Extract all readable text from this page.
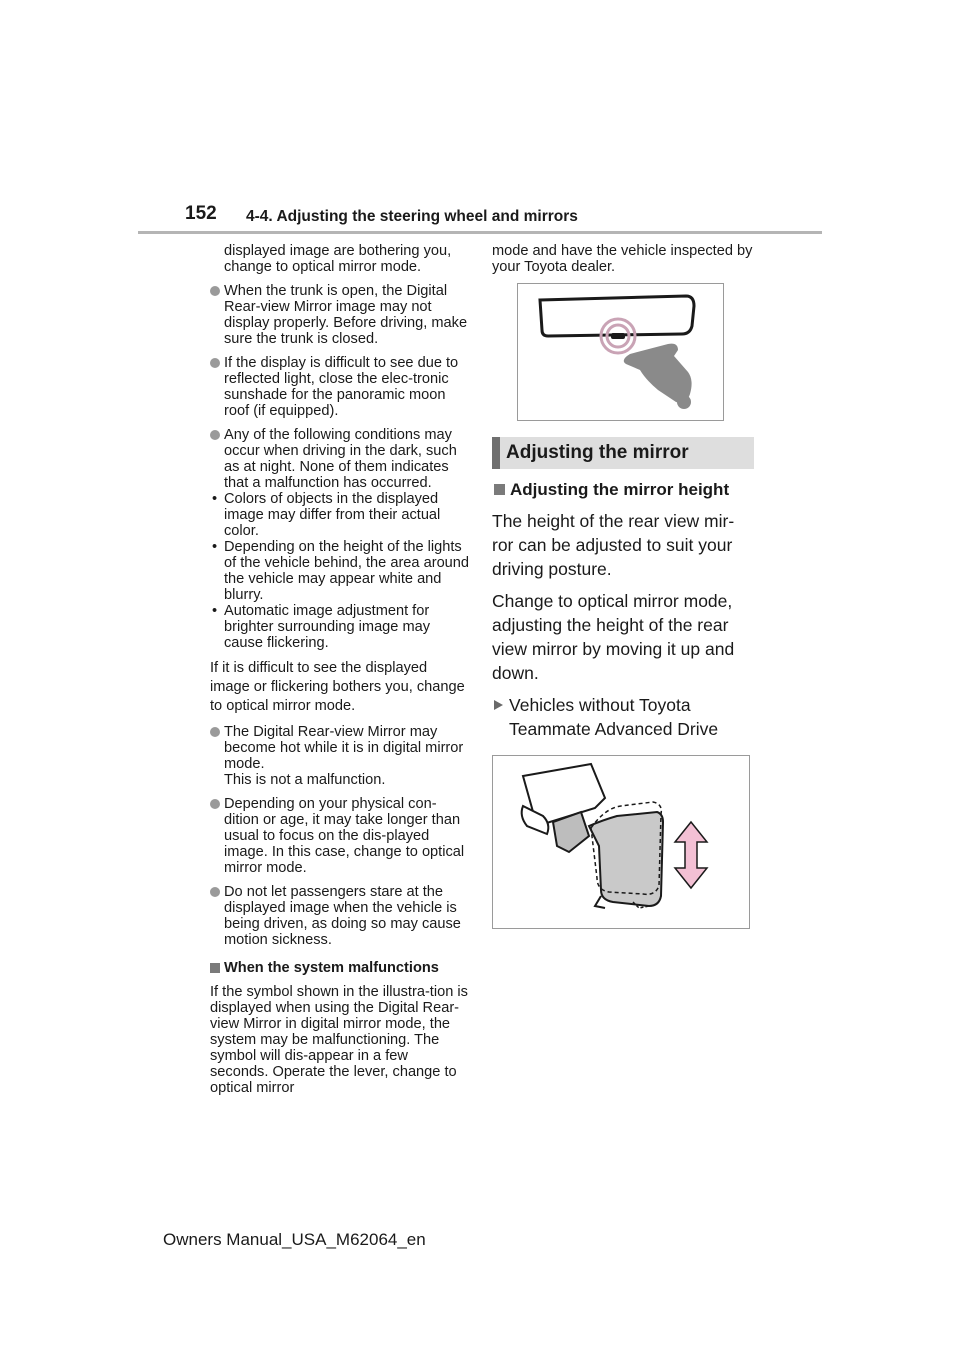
152 4-4. Adjusting the steering wheel and mirrors

displayed image are bothering you, change to optical mirror mode.

When the trunk is open, the Digital Rear-view Mirror image may not display properly. Before driving, make sure the trunk is closed.
If the display is difficult to see due to reflected light, close the elec-tronic sunshade for the panoramic moon roof (if equipped).
Any of the following conditions may occur when driving in the dark, such as at night. None of them indicates that a malfunction has occurred.
• Colors of objects in the displayed image may differ from their actual color.
• Depending on the height of the lights of the vehicle behind, the area around the vehicle may appear white and blurry.
• Automatic image adjustment for brighter surrounding image may cause flickering.

If it is difficult to see the displayed image or flickering bothers you, change to optical mirror mode.

The Digital Rear-view Mirror may become hot while it is in digital mirror mode.
This is not a malfunction.
Depending on your physical con-dition or age, it may take longer than usual to focus on the dis-played image. In this case, change to optical mirror mode.
Do not let passengers stare at the displayed image when the vehicle is being driven, as doing so may cause motion sickness.
When the system malfunctions

If the symbol shown in the illustra-tion is displayed when using the Digital Rear-view Mirror in digital mirror mode, the system may be malfunctioning. The symbol will dis-appear in a few seconds. Operate the lever, change to optical mirror

mode and have the vehicle inspected by your Toyota dealer.

Adjusting the mirror
Adjusting the mirror height

The height of the rear view mir-ror can be adjusted to suit your driving posture.

Change to optical mirror mode, adjusting the height of the rear view mirror by moving it up and down.

Vehicles without Toyota Teammate Advanced Drive
Owners Manual_USA_M62064_en
